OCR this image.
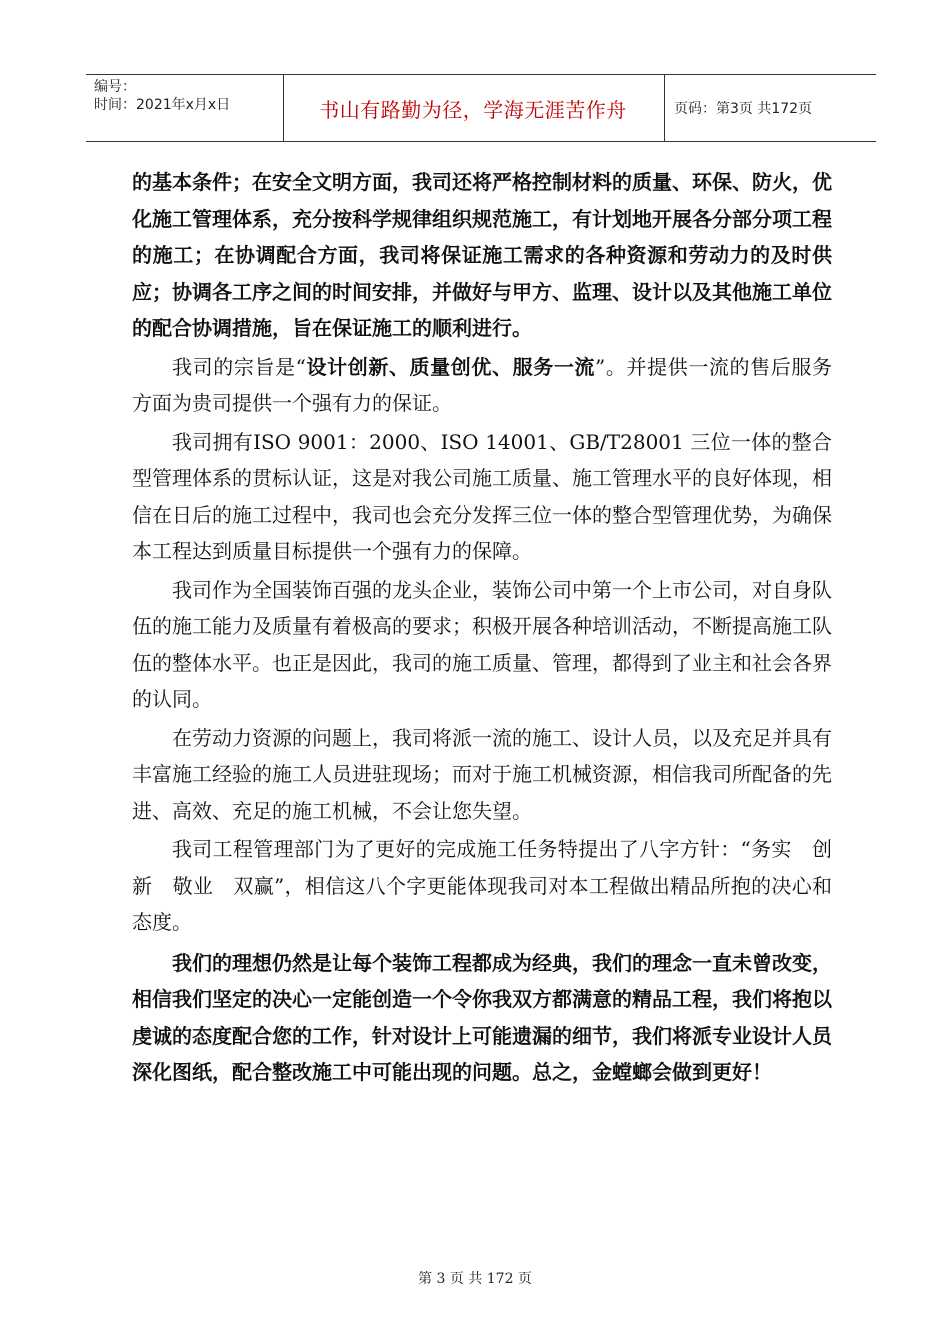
编号：
时间：2021年x月x日	书山有路勤为径，学海无涯苦作舟	页码：第3页 共172页

的基本条件；在安全文明方面，我司还将严格控制材料的质量、环保、防火，优化施工管理体系，充分按科学规律组织规范施工，有计划地开展各分部分项工程的施工；在协调配合方面，我司将保证施工需求的各种资源和劳动力的及时供应；协调各工序之间的时间安排，并做好与甲方、监理、设计以及其他施工单位的配合协调措施，旨在保证施工的顺利进行。

我司的宗旨是“设计创新、质量创优、服务一流”。并提供一流的售后服务方面为贵司提供一个强有力的保证。

我司拥有ISO 9001：2000、ISO 14001、GB/T28001 三位一体的整合型管理体系的贯标认证，这是对我公司施工质量、施工管理水平的良好体现，相信在日后的施工过程中，我司也会充分发挥三位一体的整合型管理优势，为确保本工程达到质量目标提供一个强有力的保障。

我司作为全国装饰百强的龙头企业，装饰公司中第一个上市公司，对自身队伍的施工能力及质量有着极高的要求；积极开展各种培训活动，不断提高施工队伍的整体水平。也正是因此，我司的施工质量、管理，都得到了业主和社会各界的认同。

在劳动力资源的问题上，我司将派一流的施工、设计人员，以及充足并具有丰富施工经验的施工人员进驻现场；而对于施工机械资源，相信我司所配备的先进、高效、充足的施工机械，不会让您失望。

我司工程管理部门为了更好的完成施工任务特提出了八字方针：“务实　创新　敬业　双赢”，相信这八个字更能体现我司对本工程做出精品所抱的决心和态度。

我们的理想仍然是让每个装饰工程都成为经典，我们的理念一直未曾改变，相信我们坚定的决心一定能创造一个令你我双方都满意的精品工程，我们将抱以虔诚的态度配合您的工作，针对设计上可能遗漏的细节，我们将派专业设计人员深化图纸，配合整改施工中可能出现的问题。总之，金螳螂会做到更好！

第 3 页 共 172 页
